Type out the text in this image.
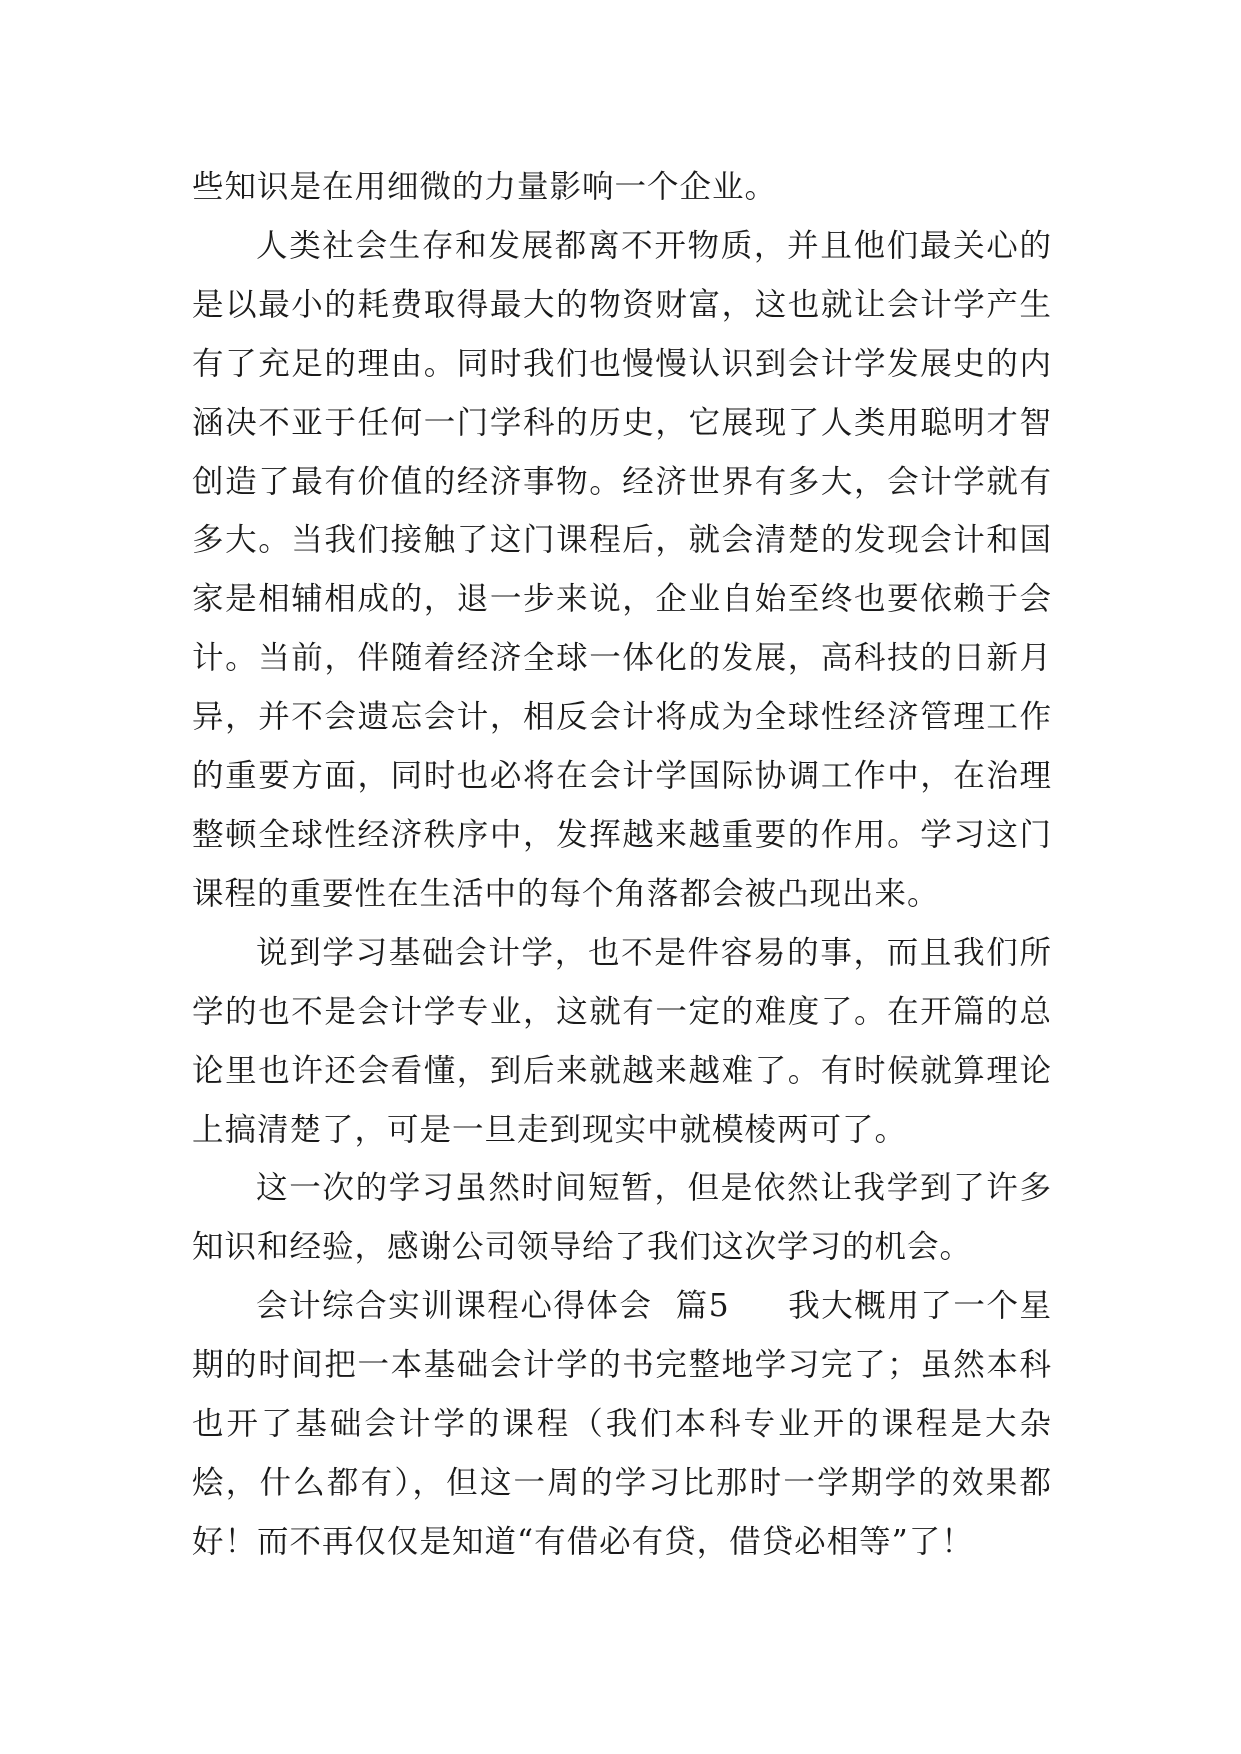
些知识是在用细微的力量影响一个企业。

人类社会生存和发展都离不开物质，并且他们最关心的是以最小的耗费取得最大的物资财富，这也就让会计学产生有了充足的理由。同时我们也慢慢认识到会计学发展史的内涵决不亚于任何一门学科的历史，它展现了人类用聪明才智创造了最有价值的经济事物。经济世界有多大，会计学就有多大。当我们接触了这门课程后，就会清楚的发现会计和国家是相辅相成的，退一步来说，企业自始至终也要依赖于会计。当前，伴随着经济全球一体化的发展，高科技的日新月异，并不会遗忘会计，相反会计将成为全球性经济管理工作的重要方面，同时也必将在会计学国际协调工作中，在治理整顿全球性经济秩序中，发挥越来越重要的作用。学习这门课程的重要性在生活中的每个角落都会被凸现出来。

说到学习基础会计学，也不是件容易的事，而且我们所学的也不是会计学专业，这就有一定的难度了。在开篇的总论里也许还会看懂，到后来就越来越难了。有时候就算理论上搞清楚了，可是一旦走到现实中就模棱两可了。

这一次的学习虽然时间短暂，但是依然让我学到了许多知识和经验，感谢公司领导给了我们这次学习的机会。

会计综合实训课程心得体会  篇5 我大概用了一个星期的时间把一本基础会计学的书完整地学习完了；虽然本科也开了基础会计学的课程（我们本科专业开的课程是大杂烩，什么都有），但这一周的学习比那时一学期学的效果都好！而不再仅仅是知道“有借必有贷，借贷必相等”了！
